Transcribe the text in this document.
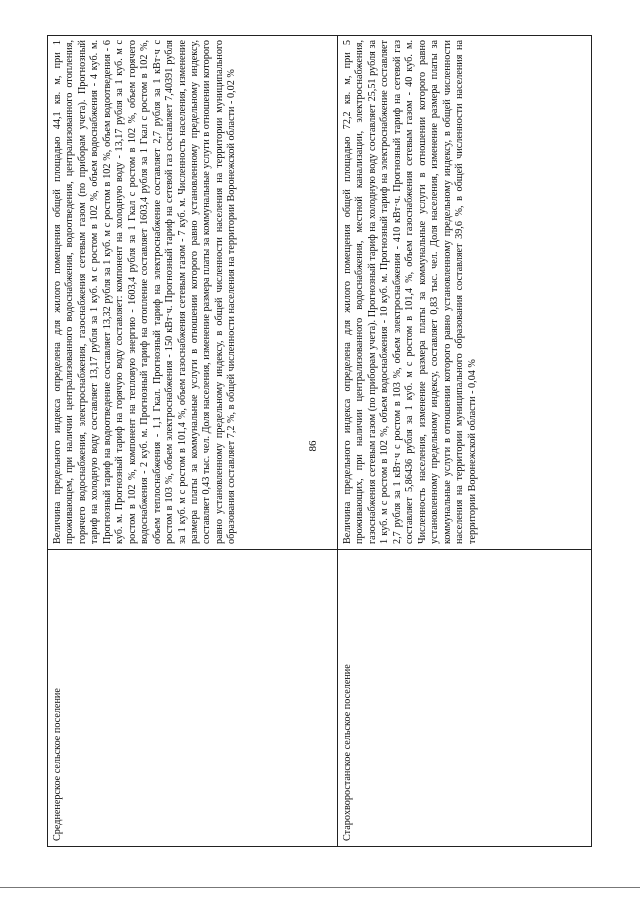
86
Средненерское сельское поселение	Величина предельного индекса определена для жилого помещения общей площадью 44,1 кв. м, при 1 проживающем, при наличии централизованного водоснабжения, водоотведения, централизованного отопления, горячего водоснабжения, электроснабжения, газоснабжения сетевым газом (по приборам учета). Прогнозный тариф на холодную воду составляет 13,17 рубля за 1 куб. м с ростом в 102 %, объем водоснабжения - 4 куб. м. Прогнозный тариф на водоотведение составляет 13,32 рубля за 1 куб. м с ростом в 102 %, объем водоотведения - 6 куб. м. Прогнозный тариф на горячую воду составляет: компонент на холодную воду - 13,17 рубля за 1 куб. м с ростом в 102 %, компонент на тепловую энергию - 1603,4 рубля за 1 Гкал с ростом в 102 %, объем горячего водоснабжения - 2 куб. м. Прогнозный тариф на отопление составляет 1603,4 рубля за 1 Гкал с ростом в 102 %, объем теплоснабжения - 1,1 Гкал. Прогнозный тариф на электроснабжение составляет 2,7 рубля за 1 кВт·ч с ростом в 103 %, объем электроснабжения - 150 кВт·ч. Прогнозный тариф на сетевой газ составляет 7,40391 рубля за 1 куб. м с ростом в 101,4 %, объем газоснабжения сетевым газом - 7 куб. м. Численность населения, изменение размера платы за коммунальные услуги в отношении которого равно установленному предельному индексу, составляет 0,43 тыс. чел. Доля населения, изменение размера платы за коммунальные услуги в отношении которого равно установленному предельному индексу, в общей численности населения на территории муниципального образования составляет 7,2 %, в общей численности населения на территории Воронежской области - 0,02 %
Староxворостанское сельское поселение	Величина предельного индекса определена для жилого помещения общей площадью 72,2 кв. м, при 5 проживающих, при наличии централизованного водоснабжения, местной канализации, электроснабжения, газоснабжения сетевым газом (по приборам учета). Прогнозный тариф на холодную воду составляет 25,51 рубля за 1 куб. м с ростом в 102 %, объем водоснабжения - 10 куб. м. Прогнозный тариф на электроснабжение составляет 2,7 рубля за 1 кВт·ч с ростом в 103 %, объем электроснабжения - 410 кВт·ч. Прогнозный тариф на сетевой газ составляет 5,86436 рубля за 1 куб. м с ростом в 101,4 %, объем газоснабжения сетевым газом - 40 куб. м. Численность населения, изменение размера платы за коммунальные услуги в отношении которого равно установленному предельному индексу, составляет 0,83 тыс. чел. Доля населения, изменение размера платы за коммунальные услуги в отношении которого равно установленному предельному индексу, в общей численности населения на территории муниципального образования составляет 39,6 %, в общей численности населения на территории Воронежской области - 0,04 %
